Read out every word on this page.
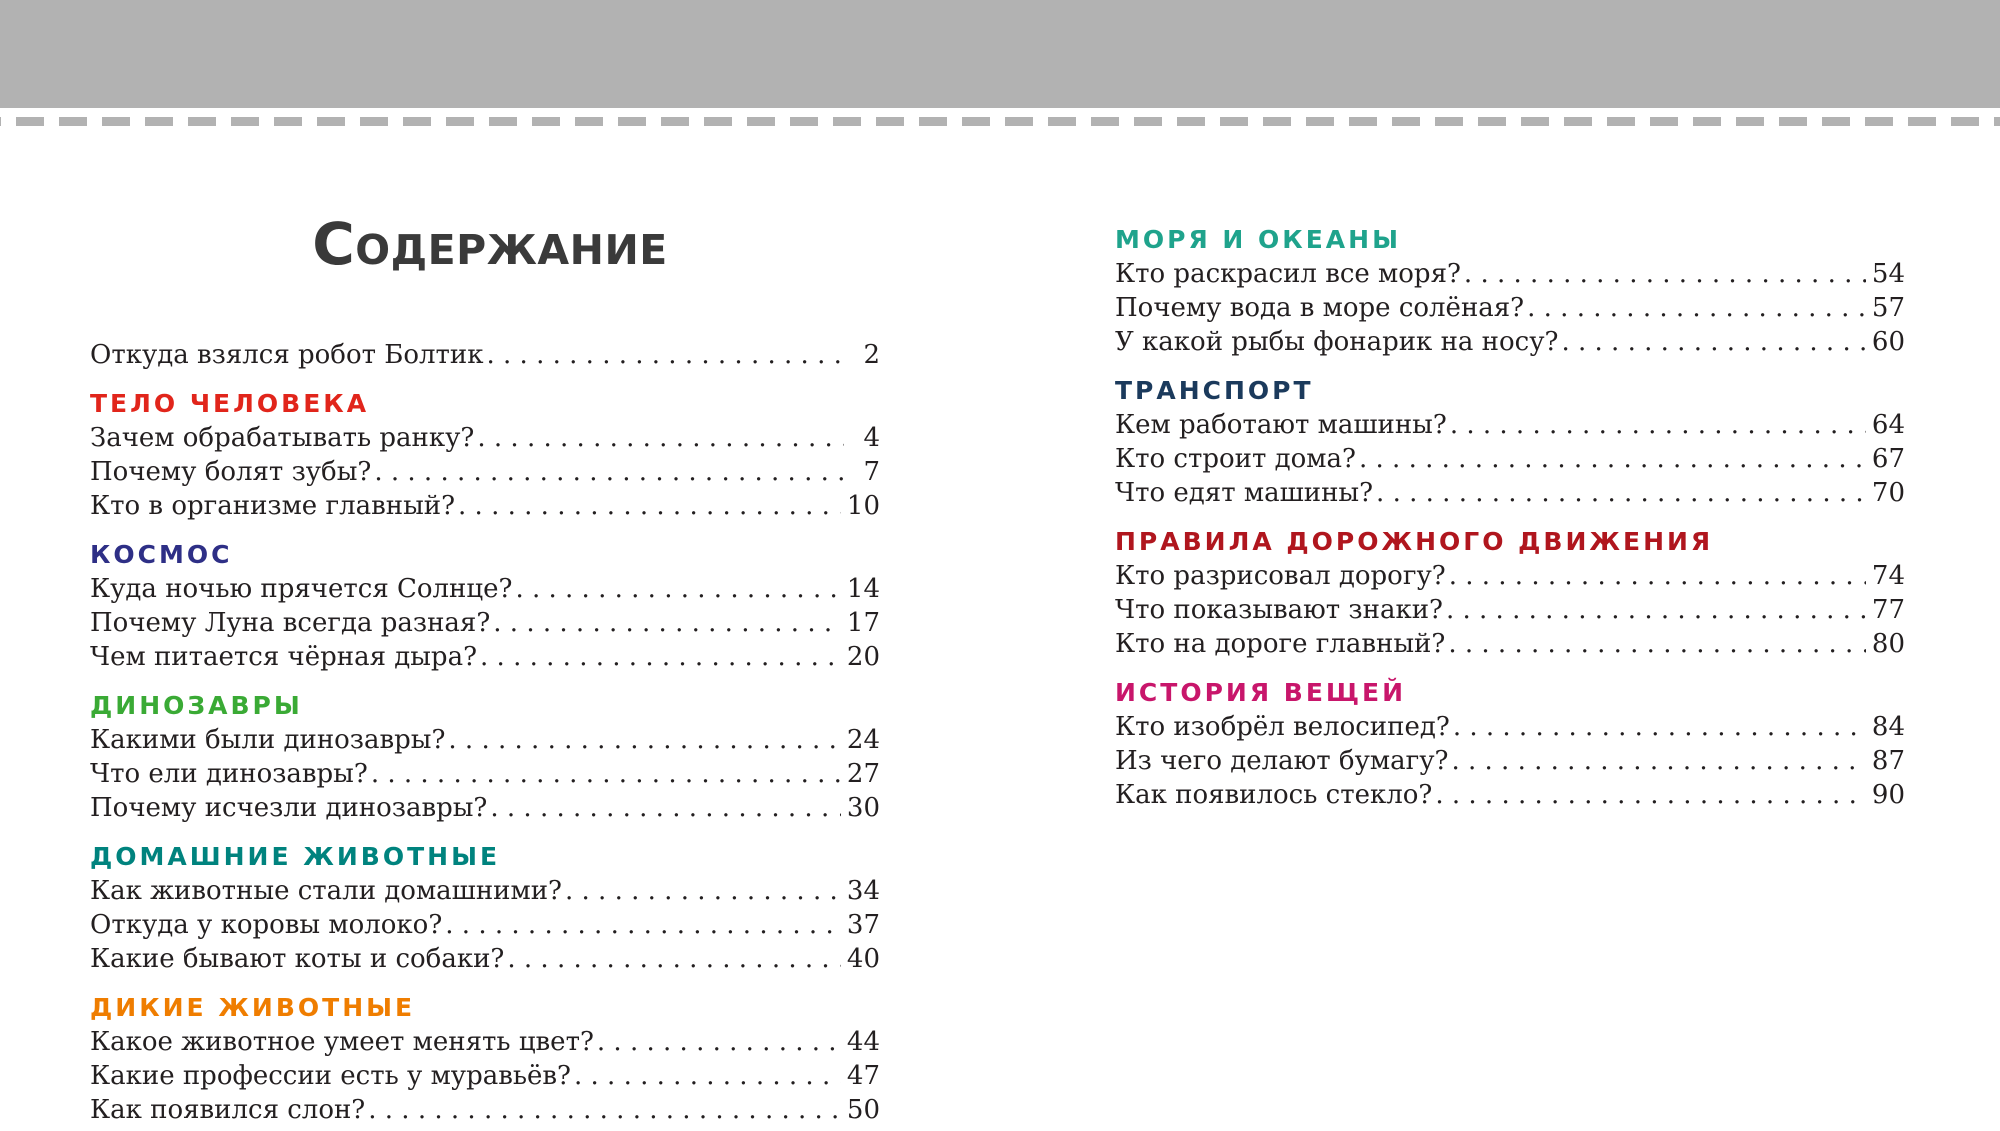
Содержание
Откуда взялся робот Болтик . . .	2
ТЕЛО ЧЕЛОВЕКА
Зачем обрабатывать ранку? . . .	4
Почему болят зубы? . . .	7
Кто в организме главный? . . .	10
КОСМОС
Куда ночью прячется Солнце? . . .	14
Почему Луна всегда разная? . . .	17
Чем питается чёрная дыра? . . .	20
ДИНОЗАВРЫ
Какими были динозавры? . . .	24
Что ели динозавры? . . .	27
Почему исчезли динозавры? . . .	30
ДОМАШНИЕ ЖИВОТНЫЕ
Как животные стали домашними? . . .	34
Откуда у коровы молоко? . . .	37
Какие бывают коты и собаки? . . .	40
ДИКИЕ ЖИВОТНЫЕ
Какое животное умеет менять цвет? . . .	44
Какие профессии есть у муравьёв? . . .	47
Как появился слон? . . .	50
МОРЯ И ОКЕАНЫ
Кто раскрасил все моря? . . .	54
Почему вода в море солёная? . . .	57
У какой рыбы фонарик на носу? . . .	60
ТРАНСПОРТ
Кем работают машины? . . .	64
Кто строит дома? . . .	67
Что едят машины? . . .	70
ПРАВИЛА ДОРОЖНОГО ДВИЖЕНИЯ
Кто разрисовал дорогу? . . .	74
Что показывают знаки? . . .	77
Кто на дороге главный? . . .	80
ИСТОРИЯ ВЕЩЕЙ
Кто изобрёл велосипед? . . .	84
Из чего делают бумагу? . . .	87
Как появилось стекло? . . .	90
